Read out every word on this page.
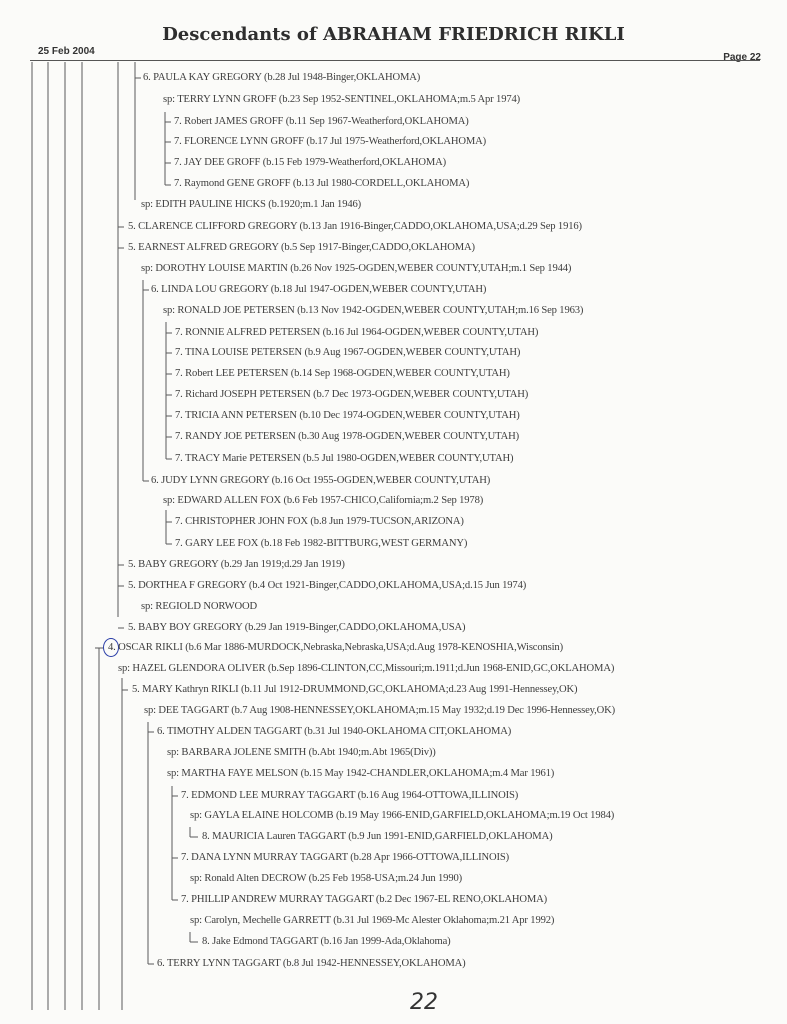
Descendants of ABRAHAM FRIEDRICH RIKLI
25 Feb 2004
Page 22
6. PAULA KAY GREGORY (b.28 Jul 1948-Binger,OKLAHOMA)
sp: TERRY LYNN GROFF (b.23 Sep 1952-SENTINEL,OKLAHOMA;m.5 Apr 1974)
7. Robert JAMES GROFF (b.11 Sep 1967-Weatherford,OKLAHOMA)
7. FLORENCE LYNN GROFF (b.17 Jul 1975-Weatherford,OKLAHOMA)
7. JAY DEE GROFF (b.15 Feb 1979-Weatherford,OKLAHOMA)
7. Raymond GENE GROFF (b.13 Jul 1980-CORDELL,OKLAHOMA)
sp: EDITH PAULINE HICKS (b.1920;m.1 Jan 1946)
5. CLARENCE CLIFFORD GREGORY (b.13 Jan 1916-Binger,CADDO,OKLAHOMA,USA;d.29 Sep 1916)
5. EARNEST ALFRED GREGORY (b.5 Sep 1917-Binger,CADDO,OKLAHOMA)
sp: DOROTHY LOUISE MARTIN (b.26 Nov 1925-OGDEN,WEBER COUNTY,UTAH;m.1 Sep 1944)
6. LINDA LOU GREGORY (b.18 Jul 1947-OGDEN,WEBER COUNTY,UTAH)
sp: RONALD JOE PETERSEN (b.13 Nov 1942-OGDEN,WEBER COUNTY,UTAH;m.16 Sep 1963)
7. RONNIE ALFRED PETERSEN (b.16 Jul 1964-OGDEN,WEBER COUNTY,UTAH)
7. TINA LOUISE PETERSEN (b.9 Aug 1967-OGDEN,WEBER COUNTY,UTAH)
7. Robert LEE PETERSEN (b.14 Sep 1968-OGDEN,WEBER COUNTY,UTAH)
7. Richard JOSEPH PETERSEN (b.7 Dec 1973-OGDEN,WEBER COUNTY,UTAH)
7. TRICIA ANN PETERSEN (b.10 Dec 1974-OGDEN,WEBER COUNTY,UTAH)
7. RANDY JOE PETERSEN (b.30 Aug 1978-OGDEN,WEBER COUNTY,UTAH)
7. TRACY Marie PETERSEN (b.5 Jul 1980-OGDEN,WEBER COUNTY,UTAH)
6. JUDY LYNN GREGORY (b.16 Oct 1955-OGDEN,WEBER COUNTY,UTAH)
sp: EDWARD ALLEN FOX (b.6 Feb 1957-CHICO,California;m.2 Sep 1978)
7. CHRISTOPHER JOHN FOX (b.8 Jun 1979-TUCSON,ARIZONA)
7. GARY LEE FOX (b.18 Feb 1982-BITTBURG,WEST GERMANY)
5. BABY GREGORY (b.29 Jan 1919;d.29 Jan 1919)
5. DORTHEA F GREGORY (b.4 Oct 1921-Binger,CADDO,OKLAHOMA,USA;d.15 Jun 1974)
sp: REGIOLD NORWOOD
5. BABY BOY GREGORY (b.29 Jan 1919-Binger,CADDO,OKLAHOMA,USA)
4. OSCAR RIKLI (b.6 Mar 1886-MURDOCK,Nebraska,Nebraska,USA;d.Aug 1978-KENOSHIA,Wisconsin)
sp: HAZEL GLENDORA OLIVER (b.Sep 1896-CLINTON,CC,Missouri;m.1911;d.Jun 1968-ENID,GC,OKLAHOMA)
5. MARY Kathryn RIKLI (b.11 Jul 1912-DRUMMOND,GC,OKLAHOMA;d.23 Aug 1991-Hennessey,OK)
sp: DEE TAGGART (b.7 Aug 1908-HENNESSEY,OKLAHOMA;m.15 May 1932;d.19 Dec 1996-Hennessey,OK)
6. TIMOTHY ALDEN TAGGART (b.31 Jul 1940-OKLAHOMA CIT,OKLAHOMA)
sp: BARBARA JOLENE SMITH (b.Abt 1940;m.Abt 1965(Div))
sp: MARTHA FAYE MELSON (b.15 May 1942-CHANDLER,OKLAHOMA;m.4 Mar 1961)
7. EDMOND LEE MURRAY TAGGART (b.16 Aug 1964-OTTOWA,ILLINOIS)
sp: GAYLA ELAINE HOLCOMB (b.19 May 1966-ENID,GARFIELD,OKLAHOMA;m.19 Oct 1984)
8. MAURICIA Lauren TAGGART (b.9 Jun 1991-ENID,GARFIELD,OKLAHOMA)
7. DANA LYNN MURRAY TAGGART (b.28 Apr 1966-OTTOWA,ILLINOIS)
sp: Ronald Alten DECROW (b.25 Feb 1958-USA;m.24 Jun 1990)
7. PHILLIP ANDREW MURRAY TAGGART (b.2 Dec 1967-EL RENO,OKLAHOMA)
sp: Carolyn, Mechelle GARRETT (b.31 Jul 1969-Mc Alester Oklahoma;m.21 Apr 1992)
8. Jake Edmond TAGGART (b.16 Jan 1999-Ada,Oklahoma)
6. TERRY LYNN TAGGART (b.8 Jul 1942-HENNESSEY,OKLAHOMA)
22
